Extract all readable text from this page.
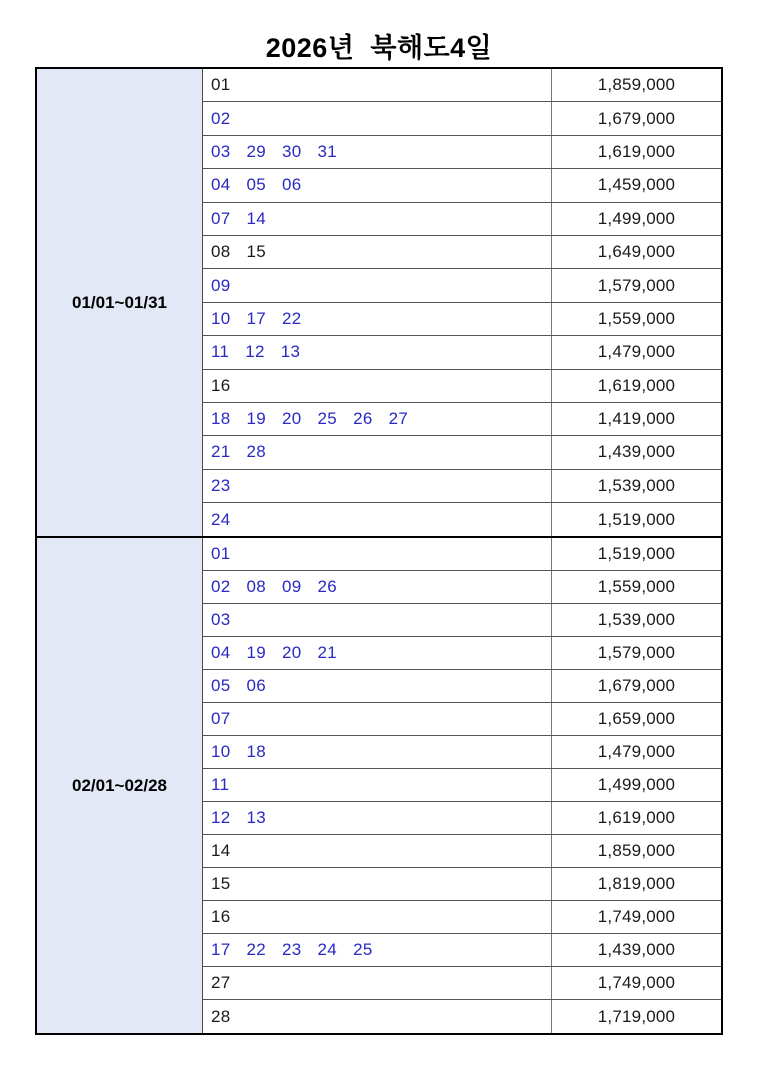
2026년  북해도4일
01/01~01/31
01	1,859,000
02	1,679,000
03 29 30 31	1,619,000
04 05 06	1,459,000
07 14	1,499,000
08 15	1,649,000
09	1,579,000
10 17 22	1,559,000
11 12 13	1,479,000
16	1,619,000
18 19 20 25 26 27	1,419,000
21 28	1,439,000
23	1,539,000
24	1,519,000
02/01~02/28
01	1,519,000
02 08 09 26	1,559,000
03	1,539,000
04 19 20 21	1,579,000
05 06	1,679,000
07	1,659,000
10 18	1,479,000
11	1,499,000
12 13	1,619,000
14	1,859,000
15	1,819,000
16	1,749,000
17 22 23 24 25	1,439,000
27	1,749,000
28	1,719,000
